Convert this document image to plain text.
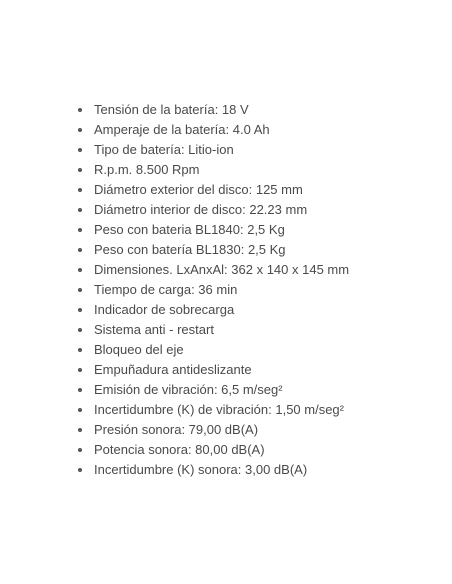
Tensión de la batería: 18 V
Amperaje de la batería: 4.0 Ah
Tipo de batería: Litio-ion
R.p.m. 8.500 Rpm
Diámetro exterior del disco: 125 mm
Diámetro interior de disco: 22.23 mm
Peso con bateria BL1840: 2,5 Kg
Peso con batería BL1830: 2,5 Kg
Dimensiones. LxAnxAl: 362 x 140 x 145 mm
Tiempo de carga: 36 min
Indicador de sobrecarga
Sistema anti - restart
Bloqueo del eje
Empuñadura antideslizante
Emisión de vibración: 6,5 m/seg²
Incertidumbre (K) de vibración: 1,50 m/seg²
Presión sonora: 79,00 dB(A)
Potencia sonora: 80,00 dB(A)
Incertidumbre (K) sonora: 3,00 dB(A)
